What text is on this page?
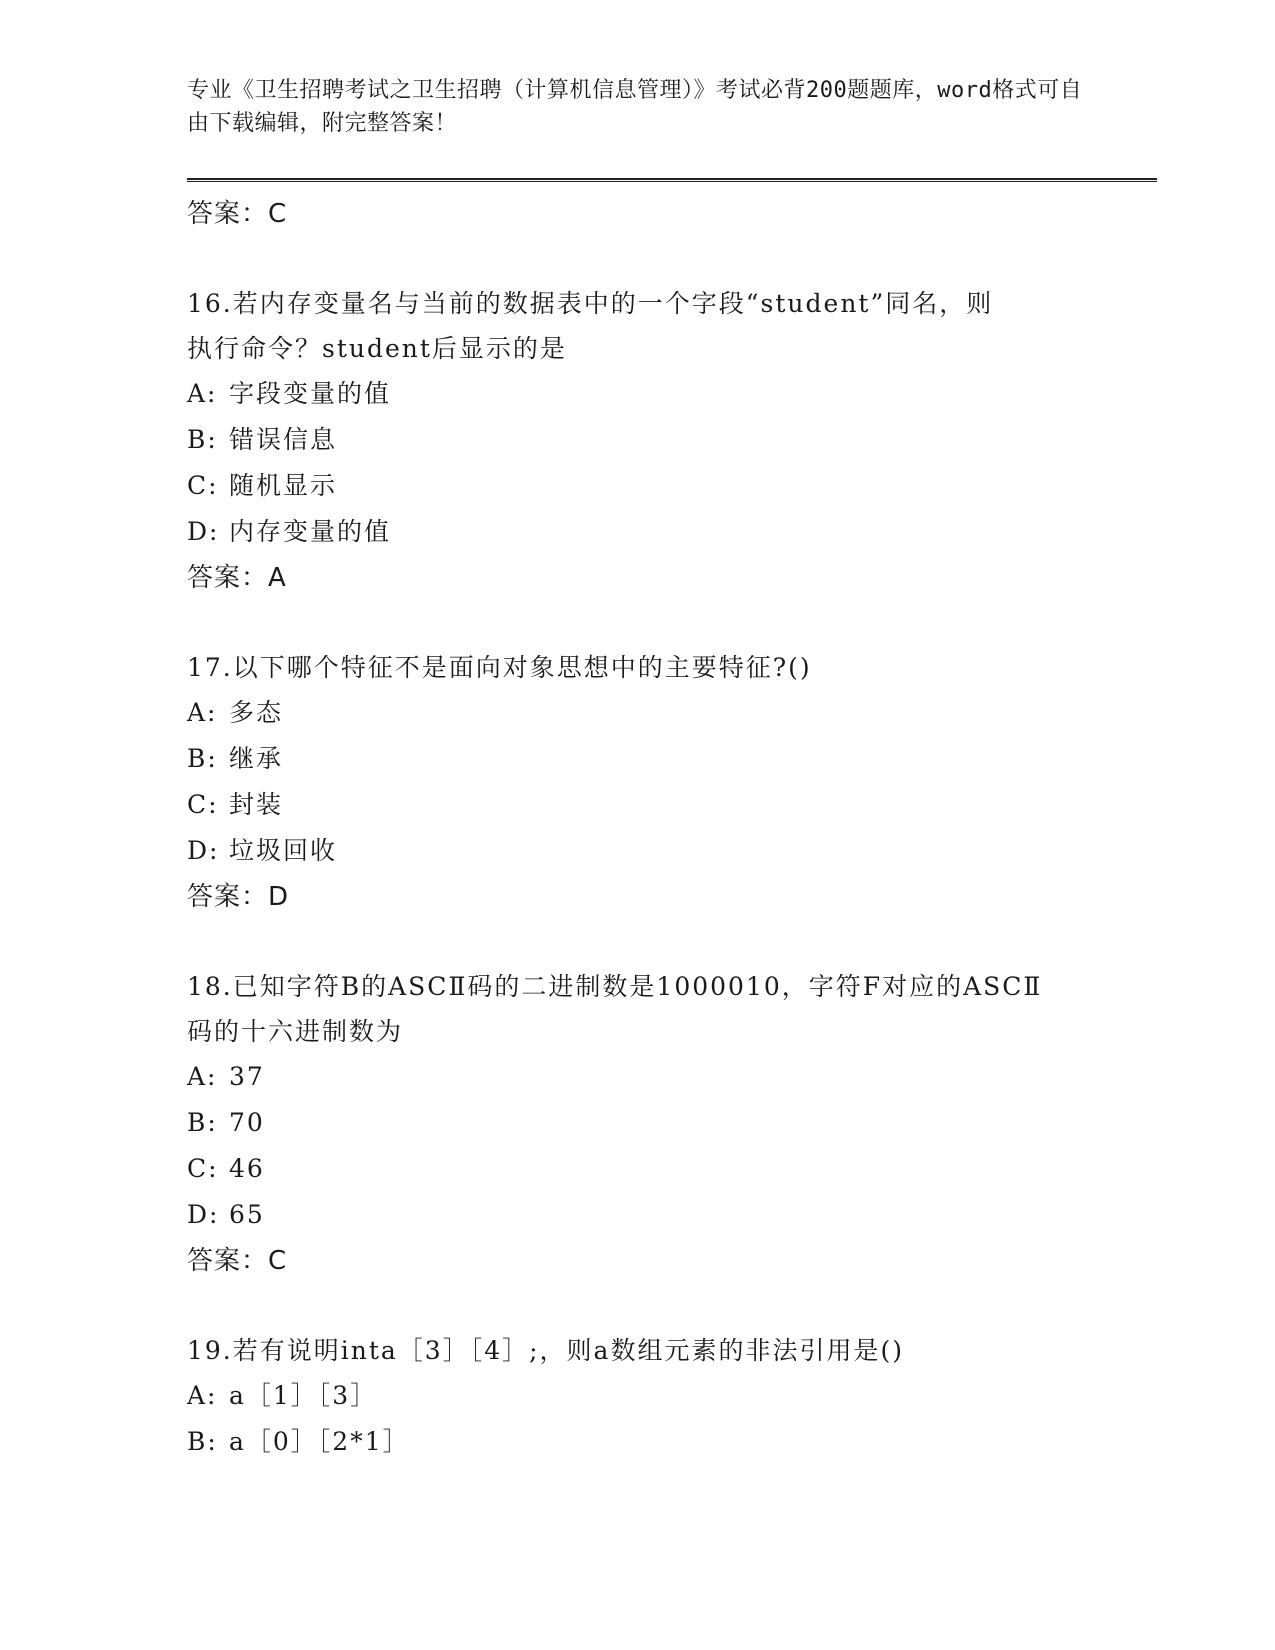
专业《卫生招聘考试之卫生招聘（计算机信息管理）》考试必背200题题库，word格式可自由下载编辑，附完整答案！
答案：C
16.若内存变量名与当前的数据表中的一个字段“student”同名，则
执行命令？student后显示的是
A: 字段变量的值
B: 错误信息
C: 随机显示
D: 内存变量的值
答案：A
17.以下哪个特征不是面向对象思想中的主要特征?()
A: 多态
B: 继承
C: 封装
D: 垃圾回收
答案：D
18.已知字符B的ASCⅡ码的二进制数是1000010，字符F对应的ASCⅡ
码的十六进制数为
A: 37
B: 70
C: 46
D: 65
答案：C
19.若有说明inta［3］［4］;，则a数组元素的非法引用是()
A: a［1］［3］
B: a［0］［2*1］
